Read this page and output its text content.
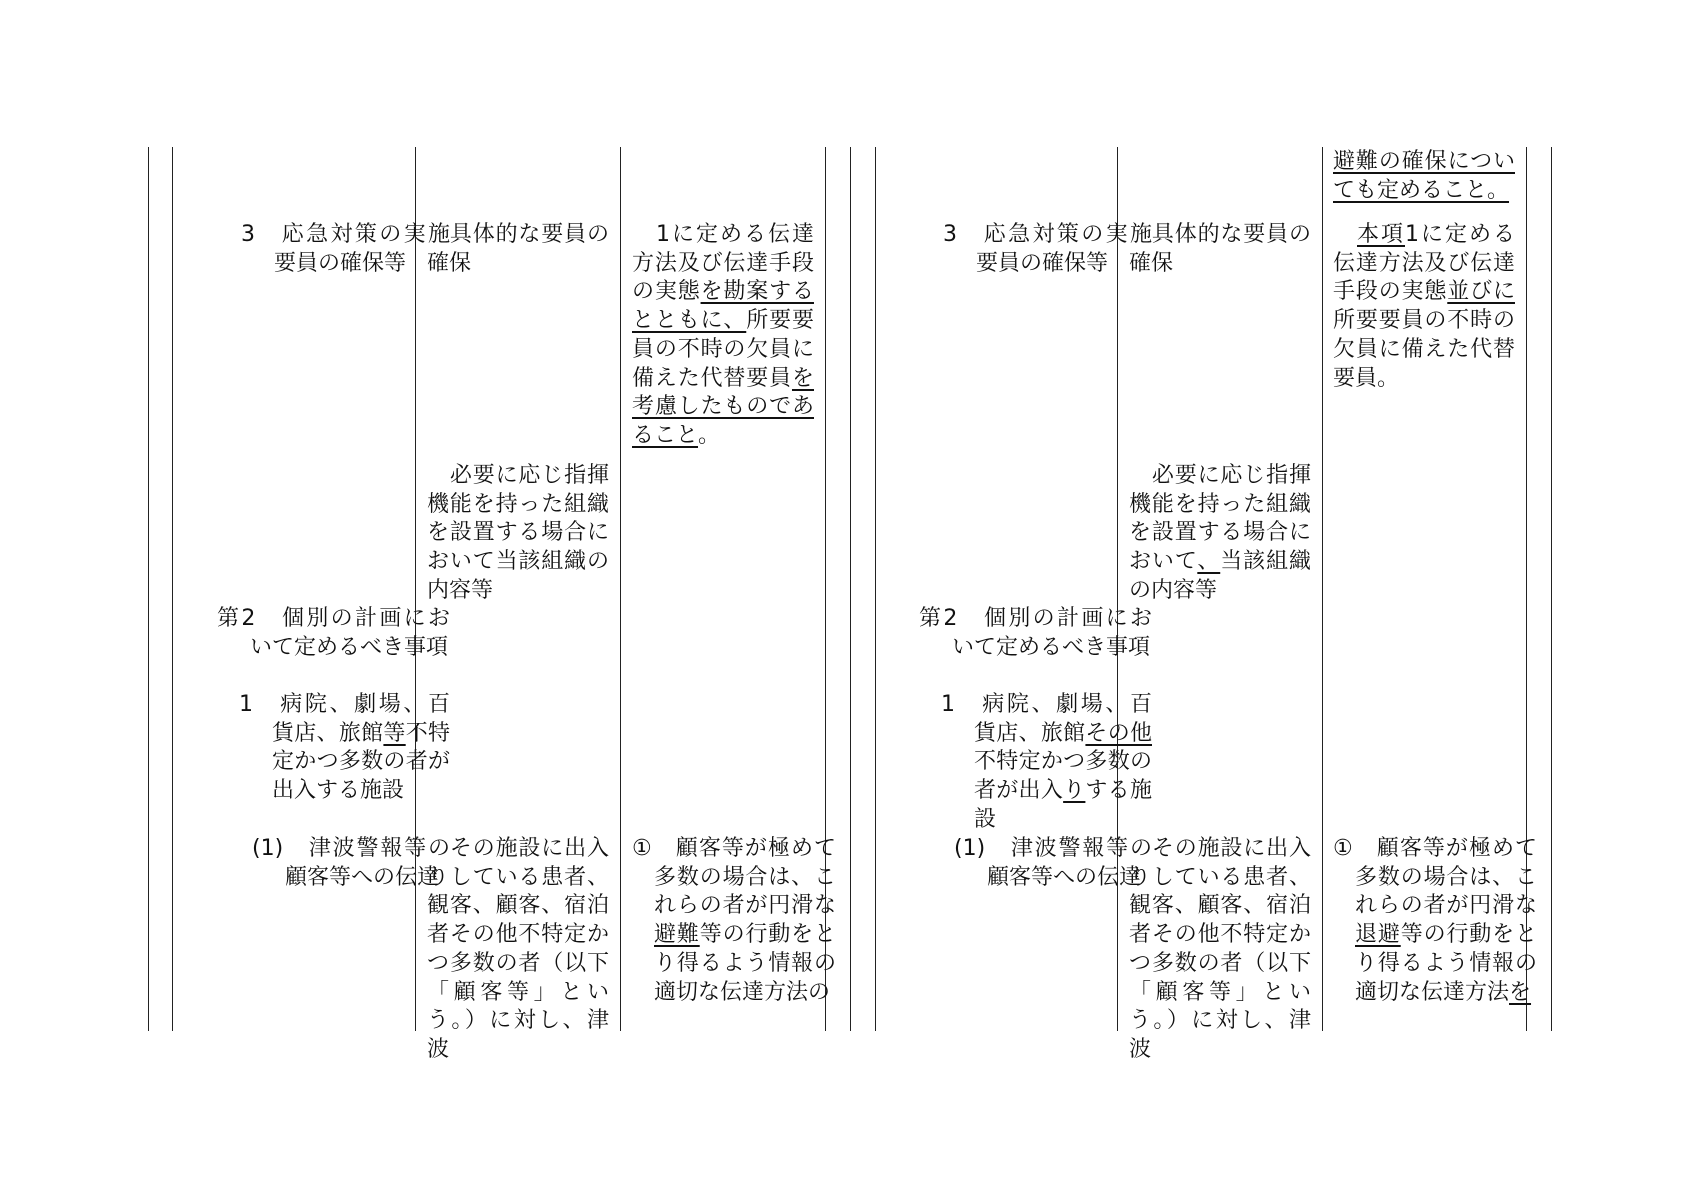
3　応急対策の実施要員の確保等
第2　個別の計画において定めるべき事項
1　病院、劇場、百貨店、旅館等不特定かつ多数の者が出入する施設
(1)　津波警報等の顧客等への伝達
　具体的な要員の確保
　必要に応じ指揮機能を持った組織を設置する場合において当該組織の内容等
　その施設に出入りしている患者、観客、顧客、宿泊者その他不特定かつ多数の者（以下「顧客等」という。）に対し、津波
　1に定める伝達方法及び伝達手段の実態を勘案するとともに、所要要員の不時の欠員に備えた代替要員を考慮したものであること。
①　顧客等が極めて多数の場合は、これらの者が円滑な避難等の行動をとり得るよう情報の適切な伝達方法の
3　応急対策の実施要員の確保等
第2　個別の計画において定めるべき事項
1　病院、劇場、百貨店、旅館その他不特定かつ多数の者が出入りする施設
(1)　津波警報等の顧客等への伝達
　具体的な要員の確保
　必要に応じ指揮機能を持った組織を設置する場合において、当該組織の内容等
　その施設に出入りしている患者、観客、顧客、宿泊者その他不特定かつ多数の者（以下「顧客等」という。）に対し、津波
避難の確保についても定めること。
　本項1に定める伝達方法及び伝達手段の実態並びに所要要員の不時の欠員に備えた代替要員。
①　顧客等が極めて多数の場合は、これらの者が円滑な退避等の行動をとり得るよう情報の適切な伝達方法を
